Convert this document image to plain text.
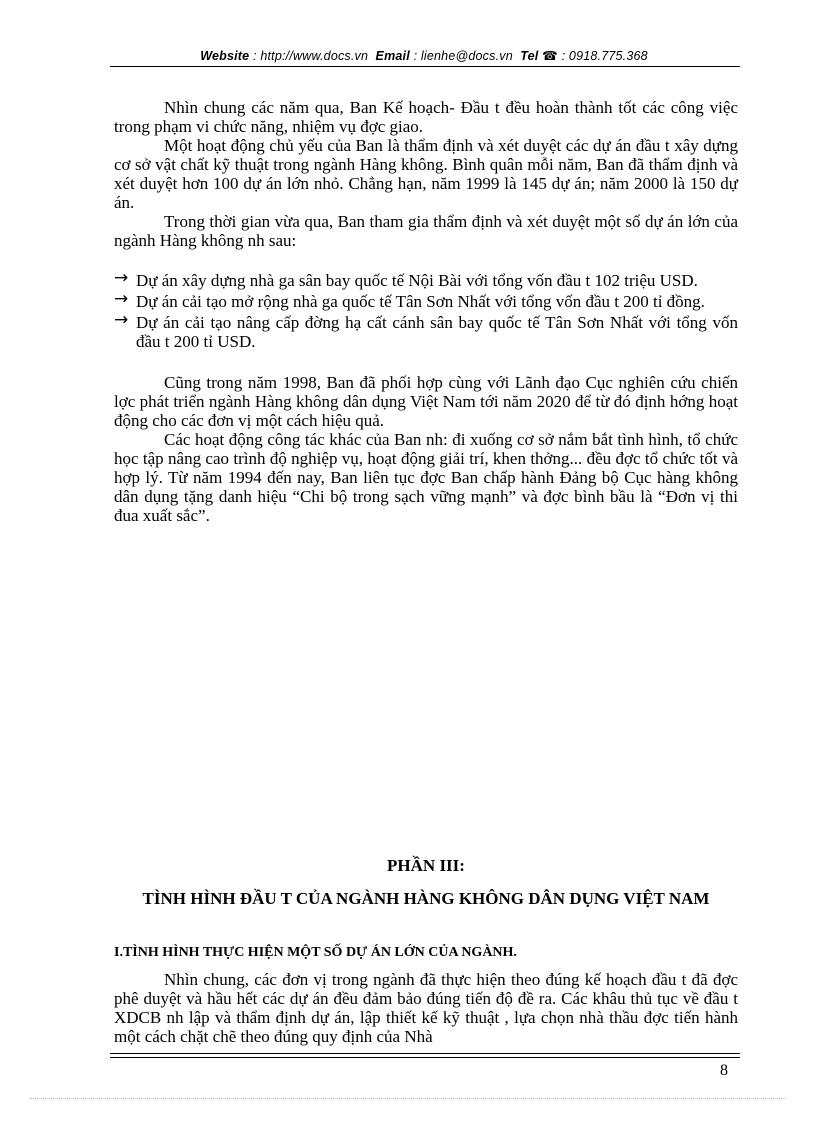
Website : http://www.docs.vn Email : lienhe@docs.vn Tel ☎ : 0918.775.368

Nhìn chung các năm qua, Ban Kế hoạch- Đầu t đều hoàn thành tốt các công việc trong phạm vi chức năng, nhiệm vụ đợc giao.

Một hoạt động chủ yếu của Ban là thẩm định và xét duyệt các dự án đầu t xây dựng cơ sở vật chất kỹ thuật trong ngành Hàng không. Bình quân mỗi năm, Ban đã thẩm định và xét duyệt hơn 100 dự án lớn nhỏ. Chẳng hạn, năm 1999 là 145 dự án; năm 2000 là 150 dự án.

Trong thời gian vừa qua, Ban tham gia thẩm định và xét duyệt một số dự án lớn của ngành Hàng không nh sau:

→ Dự án xây dựng nhà ga sân bay quốc tế Nội Bài với tổng vốn đầu t 102 triệu USD.
→ Dự án cải tạo mở rộng nhà ga quốc tế Tân Sơn Nhất với tổng vốn đầu t 200 tỉ đồng.
→ Dự án cải tạo nâng cấp đờng hạ cất cánh sân bay quốc tế Tân Sơn Nhất với tổng vốn đầu t 200 tỉ USD.

Cũng trong năm 1998, Ban đã phối hợp cùng với Lãnh đạo Cục nghiên cứu chiến lợc phát triển ngành Hàng không dân dụng Việt Nam tới năm 2020 để từ đó định hớng hoạt động cho các đơn vị một cách hiệu quả.

Các hoạt động công tác khác của Ban nh: đi xuống cơ sở nắm bắt tình hình, tổ chức học tập nâng cao trình độ nghiệp vụ, hoạt động giải trí, khen thởng... đều đợc tổ chức tốt và hợp lý. Từ năm 1994 đến nay, Ban liên tục đợc Ban chấp hành Đảng bộ Cục hàng không dân dụng tặng danh hiệu “Chi bộ trong sạch vững mạnh” và đợc bình bầu là “Đơn vị thi đua xuất sắc”.

PHẦN III:
TÌNH HÌNH ĐẦU T CỦA NGÀNH HÀNG KHÔNG DÂN DỤNG VIỆT NAM
I.TÌNH HÌNH THỰC HIỆN MỘT SỐ DỰ ÁN LỚN CỦA NGÀNH.

Nhìn chung, các đơn vị trong ngành đã thực hiện theo đúng kế hoạch đầu t đã đợc phê duyệt và hầu hết các dự án đều đảm bảo đúng tiến độ đề ra. Các khâu thủ tục về đầu t XDCB nh lập và thẩm định dự án, lập thiết kế kỹ thuật , lựa chọn nhà thầu đợc tiến hành một cách chặt chẽ theo đúng quy định của Nhà

8
